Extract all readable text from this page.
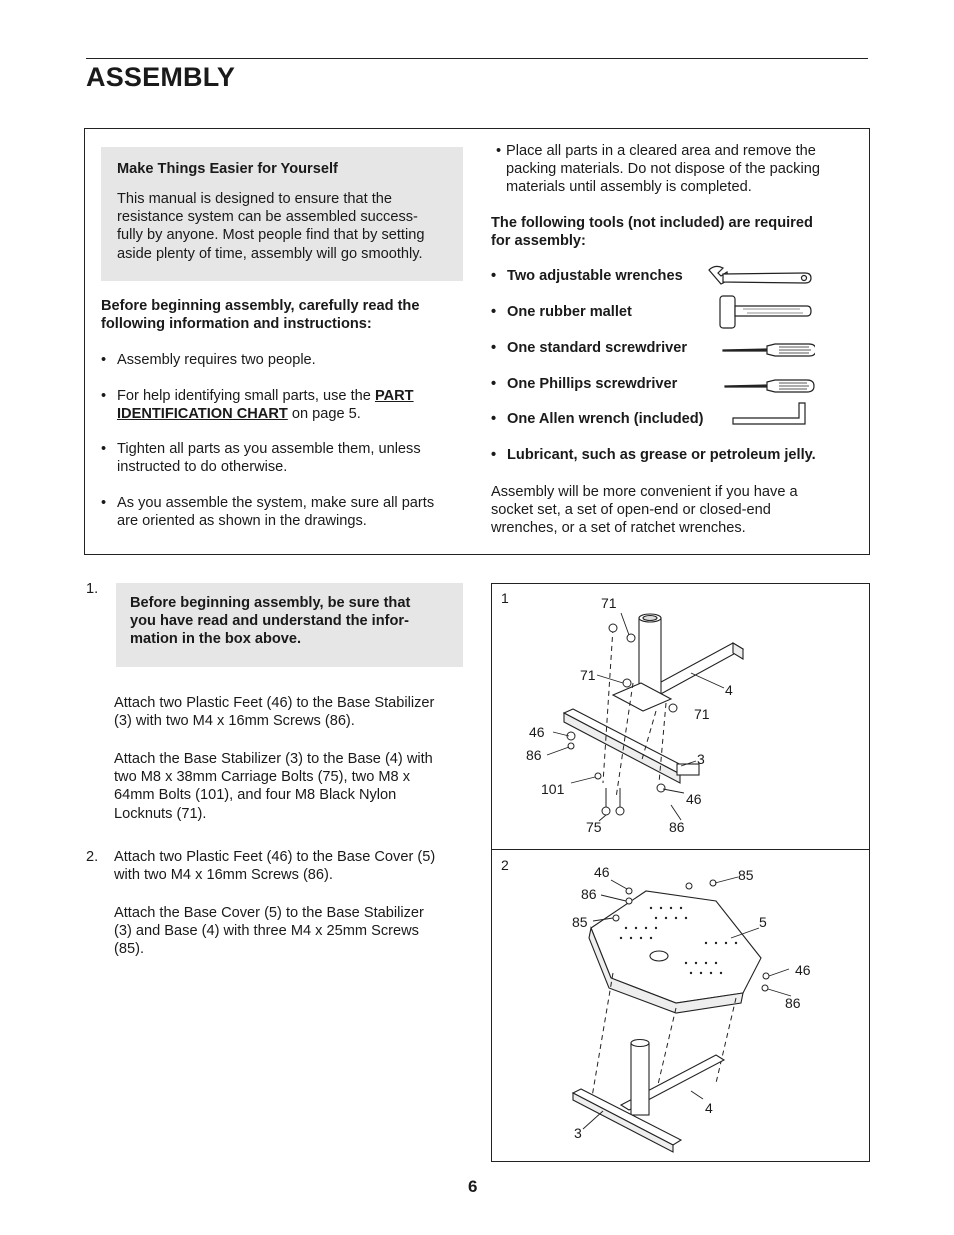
ASSEMBLY
Make Things Easier for Yourself
This manual is designed to ensure that the
resistance system can be assembled success-
fully by anyone. Most people find that by setting
aside plenty of time, assembly will go smoothly.
Before beginning assembly, carefully read the
following information and instructions:
• Assembly requires two people.
• For help identifying small parts, use the PART
IDENTIFICATION CHART on page 5.
• Tighten all parts as you assemble them, unless
instructed to do otherwise.
• As you assemble the system, make sure all parts
are oriented as shown in the drawings.
• Place all parts in a cleared area and remove the
packing materials. Do not dispose of the packing
materials until assembly is completed.
The following tools (not included) are required
for assembly:
• Two adjustable wrenches
• One rubber mallet
• One standard screwdriver
• One Phillips screwdriver
• One Allen wrench (included)
• Lubricant, such as grease or petroleum jelly.
Assembly will be more convenient if you have a
socket set, a set of open-end or closed-end
wrenches, or a set of ratchet wrenches.
1.
Before beginning assembly, be sure that
you have read and understand the infor-
mation in the box above.
Attach two Plastic Feet (46) to the Base Stabilizer
(3) with two M4 x 16mm Screws (86).
Attach the Base Stabilizer (3) to the Base (4) with
two M8 x 38mm Carriage Bolts (75), two M8 x
64mm Bolts (101), and four M8 Black Nylon
Locknuts (71).
2. Attach two Plastic Feet (46) to the Base Cover (5)
with two M4 x 16mm Screws (86).
Attach the Base Cover (5) to the Base Stabilizer
(3) and Base (4) with three M4 x 25mm Screws
(85).
1	71
71
71
4
46
86	3
101
46
75	86
2	46
86
85
85
5
46
86
4
3
6
